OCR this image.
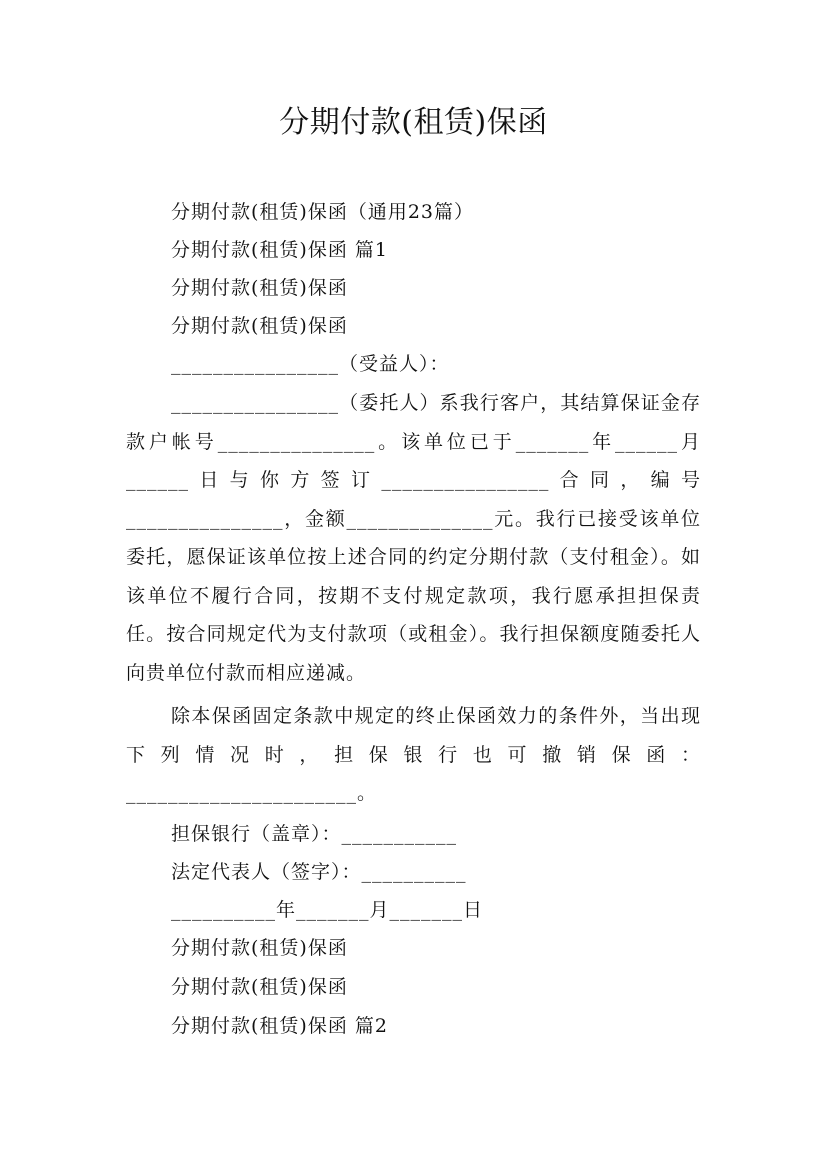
分期付款(租赁)保函
分期付款(租赁)保函（通用23篇）
分期付款(租赁)保函 篇1
分期付款(租赁)保函
分期付款(租赁)保函
________________（受益人）：
________________（委托人）系我行客户，其结算保证金存款户帐号_______________。该单位已于_______年______月______日与你方签订________________合同，编号_______________，金额______________元。我行已接受该单位委托，愿保证该单位按上述合同的约定分期付款（支付租金）。如该单位不履行合同，按期不支付规定款项，我行愿承担担保责任。按合同规定代为支付款项（或租金）。我行担保额度随委托人向贵单位付款而相应递减。
除本保函固定条款中规定的终止保函效力的条件外，当出现下列情况时，担保银行也可撤销保函：______________________。
担保银行（盖章）：___________
法定代表人（签字）：__________
__________年_______月_______日
分期付款(租赁)保函
分期付款(租赁)保函
分期付款(租赁)保函 篇2
